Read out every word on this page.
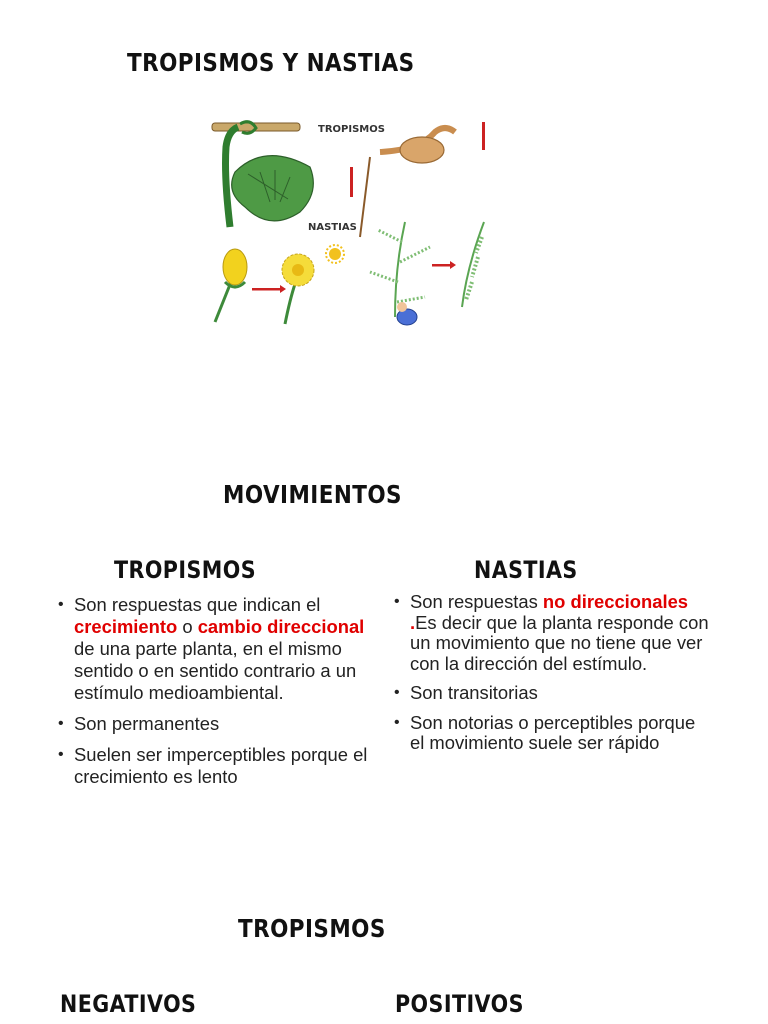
TROPISMOS Y NASTIAS
TROPISMOS
NASTIAS
MOVIMIENTOS
TROPISMOS	NASTIAS
• Son respuestas que indican el crecimiento o cambio direccional de una parte planta, en el mismo sentido o en sentido contrario a un estímulo medioambiental.
• Son permanentes
• Suelen ser imperceptibles porque el crecimiento es lento
• Son respuestas no direccionales .Es decir que la planta responde con un movimiento que no tiene que ver con la dirección del estímulo.
• Son transitorias
• Son notorias o perceptibles porque el movimiento suele ser rápido
TROPISMOS
NEGATIVOS	POSITIVOS
